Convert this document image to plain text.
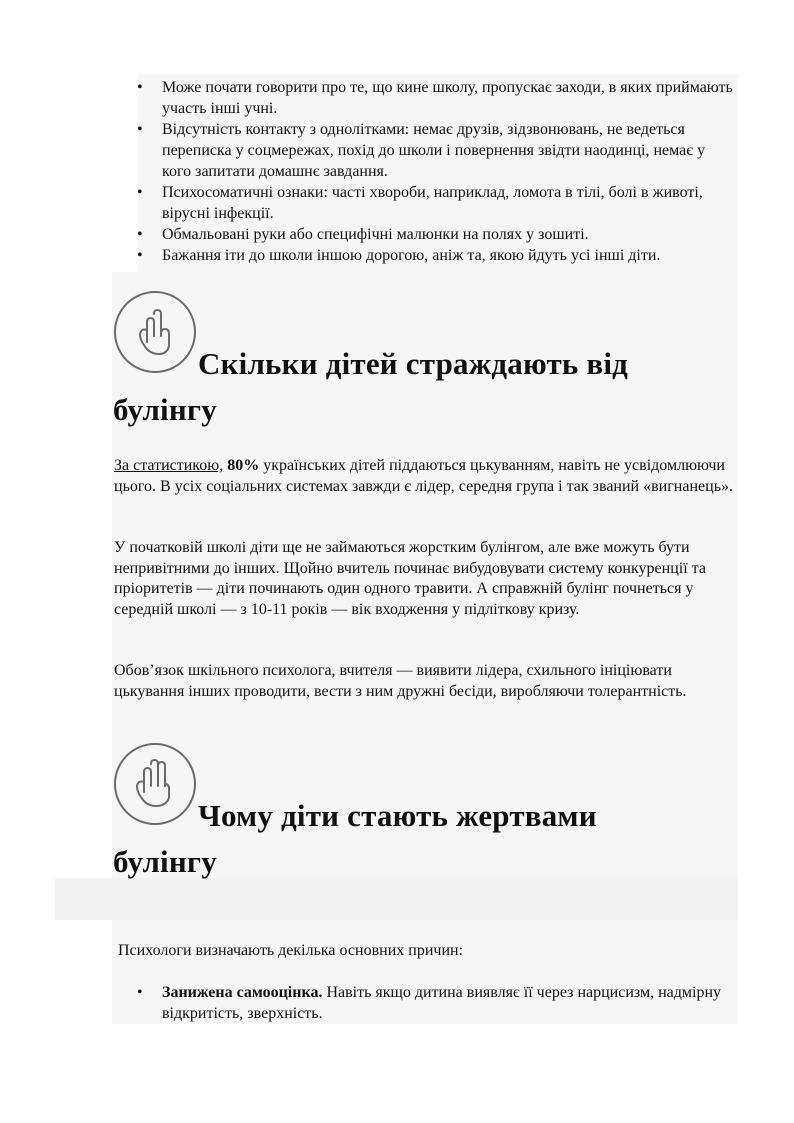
• Може почати говорити про те, що кине школу, пропускає заходи, в яких приймають участь інші учні.
• Відсутність контакту з однолітками: немає друзів, зідзвонювань, не ведеться переписка у соцмережах, похід до школи і повернення звідти наодинці, немає у кого запитати домашнє завдання.
• Психосоматичні ознаки: часті хвороби, наприклад, ломота в тілі, болі в животі, вірусні інфекції.
• Обмальовані руки або специфічні малюнки на полях у зошиті.
• Бажання іти до школи іншою дорогою, аніж та, якою йдуть усі інші діти.
Скільки дітей страждають від
булінгу

За статистикою, 80% українських дітей піддаються цькуванням, навіть не усвідомлюючи цього. В усіх соціальних системах завжди є лідер, середня група і так званий «вигнанець».

У початковій школі діти ще не займаються жорстким булінгом, але вже можуть бути непривітними до інших. Щойно вчитель починає вибудовувати систему конкуренції та пріоритетів — діти починають один одного травити. А справжній булінг почнеться у середній школі — з 10-11 років — вік входження у підліткову кризу.

Обов’язок шкільного психолога, вчителя — виявити лідера, схильного ініціювати цькування інших проводити, вести з ним дружні бесіди, виробляючи толерантність.

Чому діти стають жертвами
булінгу

Психологи визначають декілька основних причин:

• Занижена самооцінка. Навіть якщо дитина виявляє її через нарцисизм, надмірну відкритість, зверхність.
